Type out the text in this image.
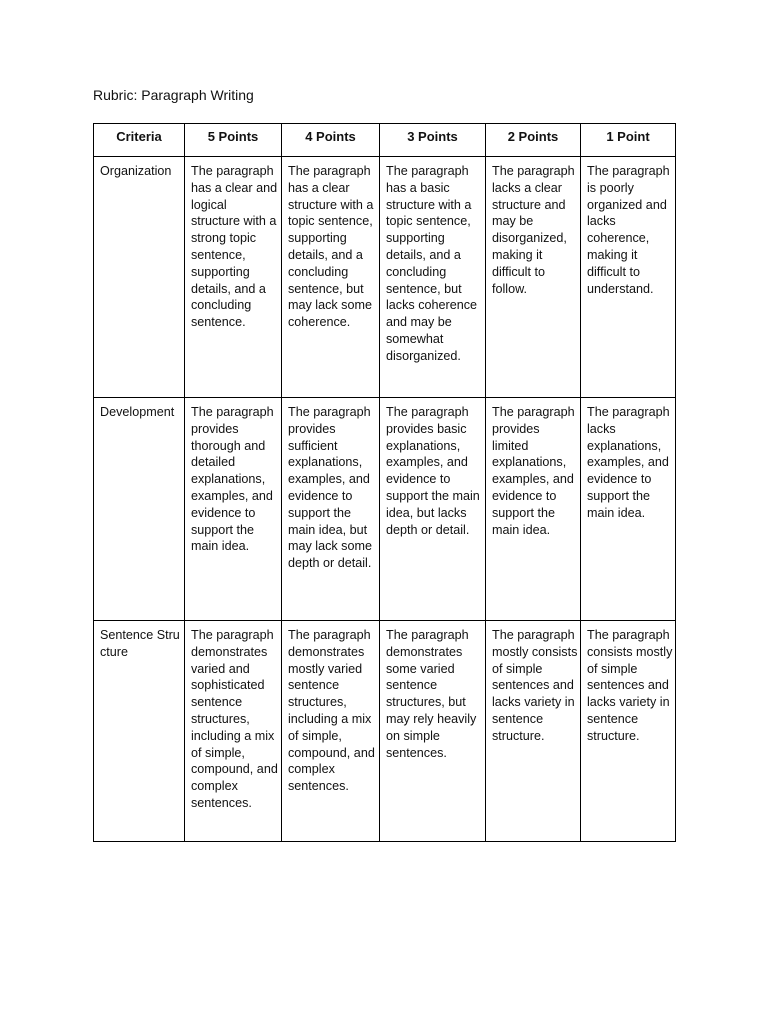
Rubric: Paragraph Writing
Criteria	5 Points	4 Points	3 Points	2 Points	1 Point
Organization	The paragraph has a clear and logical structure with a strong topic sentence, supporting details, and a concluding sentence.	The paragraph has a clear structure with a topic sentence, supporting details, and a concluding sentence, but may lack some coherence.	The paragraph has a basic structure with a topic sentence, supporting details, and a concluding sentence, but lacks coherence and may be somewhat disorganized.	The paragraph lacks a clear structure and may be disorganized, making it difficult to follow.	The paragraph is poorly organized and lacks coherence, making it difficult to understand.
Development	The paragraph provides thorough and detailed explanations, examples, and evidence to support the main idea.	The paragraph provides sufficient explanations, examples, and evidence to support the main idea, but may lack some depth or detail.	The paragraph provides basic explanations, examples, and evidence to support the main idea, but lacks depth or detail.	The paragraph provides limited explanations, examples, and evidence to support the main idea.	The paragraph lacks explanations, examples, and evidence to support the main idea.
Sentence Structure	The paragraph demonstrates varied and sophisticated sentence structures, including a mix of simple, compound, and complex sentences.	The paragraph demonstrates mostly varied sentence structures, including a mix of simple, compound, and complex sentences.	The paragraph demonstrates some varied sentence structures, but may rely heavily on simple sentences.	The paragraph mostly consists of simple sentences and lacks variety in sentence structure.	The paragraph consists mostly of simple sentences and lacks variety in sentence structure.
